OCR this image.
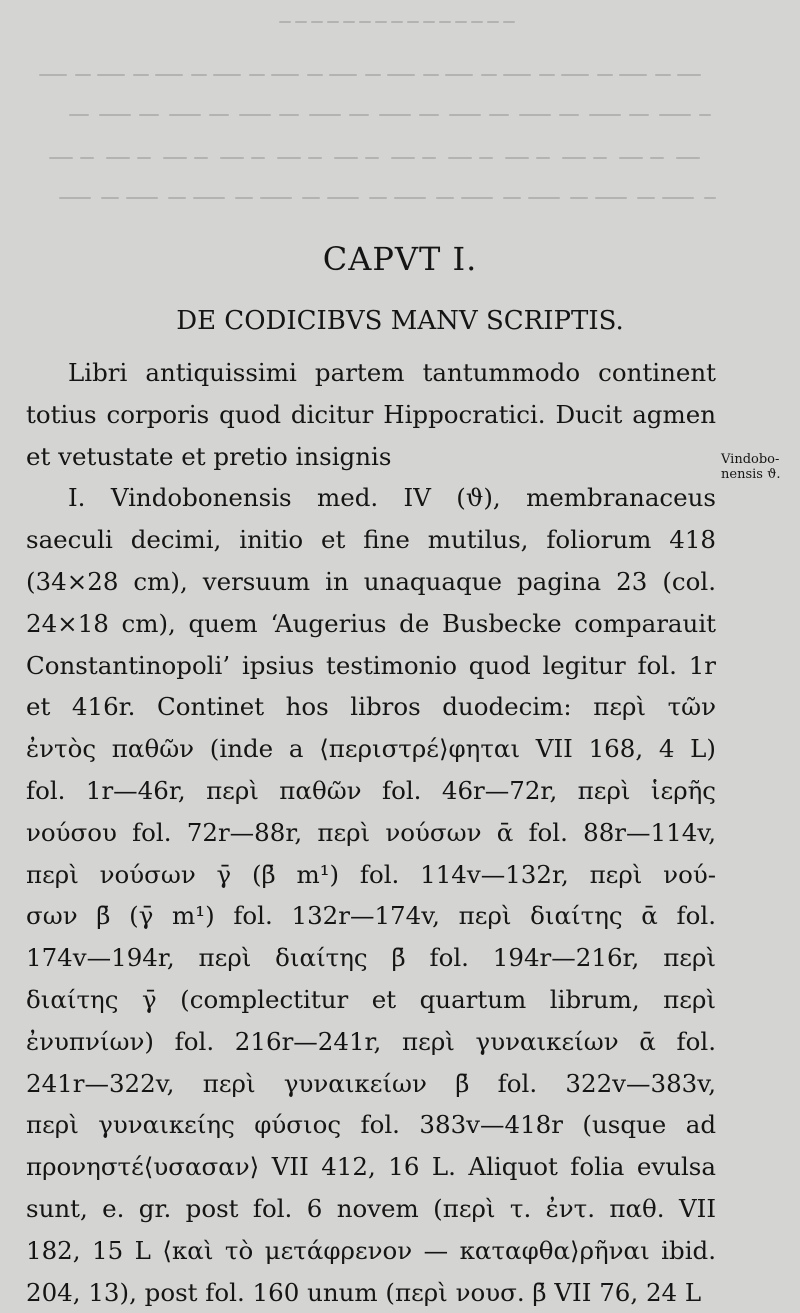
CAPVT I.
DE CODICIBVS MANV SCRIPTIS.
Libri antiquissimi partem tantummodo continent
totius corporis quod dicitur Hippocratici. Ducit agmen
et vetustate et pretio insignis
I. Vindobonensis med. IV (ϑ), membranaceus
saeculi decimi, initio et fine mutilus, foliorum 418
(34×28 cm), versuum in unaquaque pagina 23 (col.
24×18 cm), quem ‘Augerius de Busbecke comparauit
Constantinopoli’ ipsius testimonio quod legitur fol. 1r
et 416r. Continet hos libros duodecim: περὶ τῶν
ἐντὸς παθῶν (inde a ⟨περιστρέ⟩φηται VII 168, 4 L)
fol. 1r—46r, περὶ παθῶν fol. 46r—72r, περὶ ἱερῆς
νούσου fol. 72r—88r, περὶ νούσων ᾱ fol. 88r—114v,
περὶ νούσων γ̄ (β̄ m¹) fol. 114v—132r, περὶ νού-
σων β̄ (γ̄ m¹) fol. 132r—174v, περὶ διαίτης ᾱ fol.
174v—194r, περὶ διαίτης β̄ fol. 194r—216r, περὶ
διαίτης γ̄ (complectitur et quartum librum, περὶ
ἐνυπνίων) fol. 216r—241r, περὶ γυναικείων ᾱ fol.
241r—322v, περὶ γυναικείων β̄ fol. 322v—383v,
περὶ γυναικείης φύσιος fol. 383v—418r (usque ad
προνηστέ⟨υσασαν⟩ VII 412, 16 L. Aliquot folia evulsa
sunt, e. gr. post fol. 6 novem (περὶ τ. ἐντ. παθ. VII
182, 15 L ⟨καὶ τὸ μετάφρενον — καταφθα⟩ρῆναι ibid.
204, 13), post fol. 160 unum (περὶ νουσ. β̄ VII 76, 24 L
Vindobo-
nensis ϑ.
